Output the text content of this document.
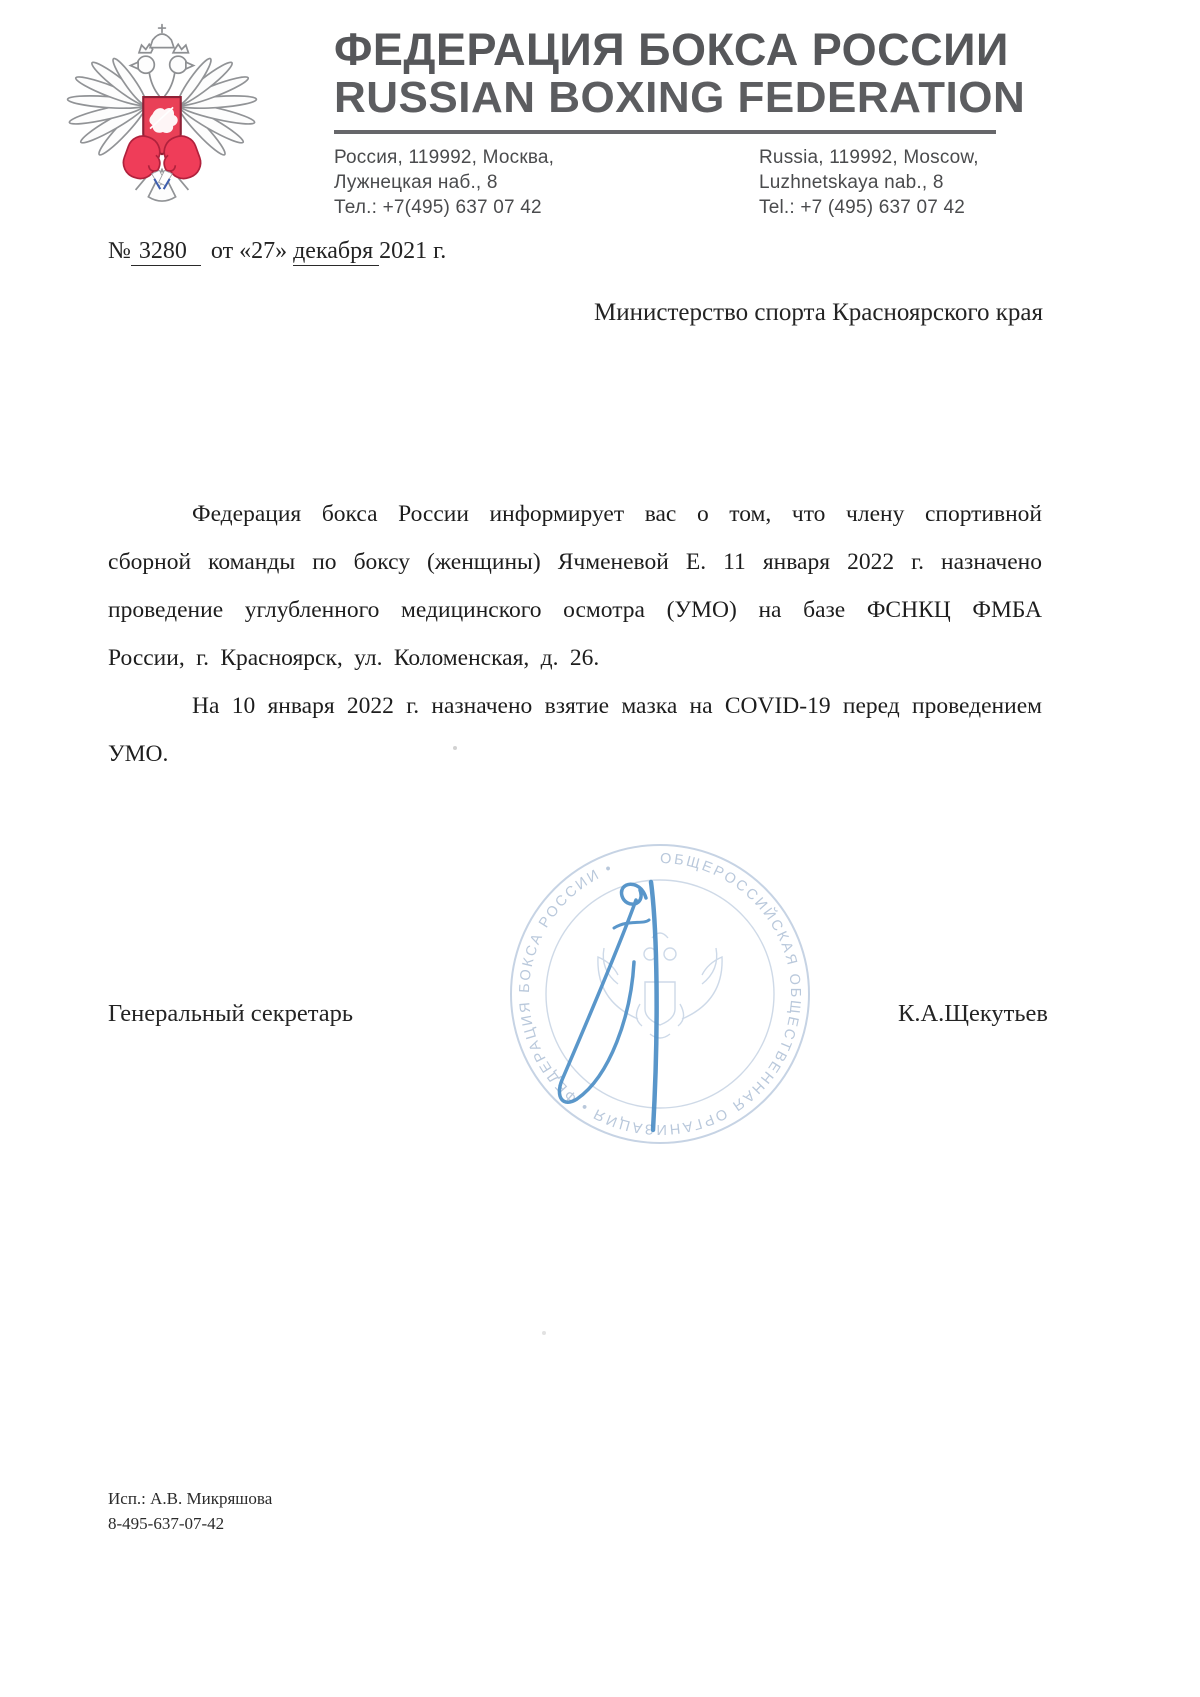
ФЕДЕРАЦИЯ БОКСА РОССИИ
RUSSIAN BOXING FEDERATION
Россия, 119992, Москва,
Лужнецкая наб., 8
Тел.: +7(495) 637 07 42
Russia, 119992, Moscow,
Luzhnetskaya nab., 8
Tel.: +7 (495) 637 07 42
№ 3280 от «27» декабря 2021 г.
Министерство спорта Красноярского края

Федерация бокса России информирует вас о том, что члену спортивной сборной команды по боксу (женщины) Ячменевой Е. 11 января 2022 г. назначено проведение углубленного медицинского осмотра (УМО) на базе ФСНКЦ ФМБА России, г. Красноярск, ул. Коломенская, д. 26.

На 10 января 2022 г. назначено взятие мазка на COVID-19 перед проведением УМО.

ОБЩЕРОССИЙСКАЯ ОБЩЕСТВЕННАЯ ОРГАНИЗАЦИЯ • ФЕДЕРАЦИЯ БОКСА РОССИИ •
Генеральный секретарь	К.А.Щекутьев
Исп.: А.В. Микряшова
8-495-637-07-42
